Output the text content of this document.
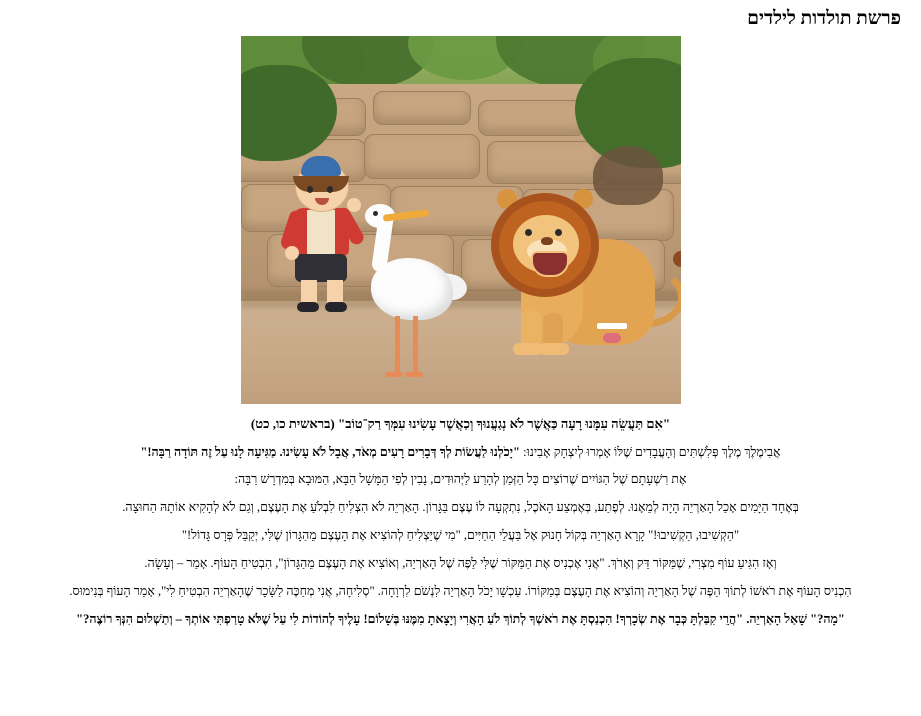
פרשת תולדות לילדים

"אִם תַּעֲשֵׂה עִמָּנוּ רָעָה כַּאֲשֶׁר לֹא נְגַעֲנוּךָ וְכַאֲשֶׁר עָשִׂינוּ עִמְּךָ רַק־טוֹב" (בראשית כו, כט)

אֲבִימֶלֶךְ מֶלֶךְ פְּלִשְׁתִּים וְהָעֲבָדִים שֶׁלּוֹ אָמְרוּ לְיִצְחָק אָבִינוּ: "יָכֹלְנוּ לַעֲשׂוֹת לְךָ דְּבָרִים רָעִים מְאֹד, אֲבָל לֹא עָשִׂינוּ. מַגִּיעָה לָנוּ עַל זֶה תּוֹדָה רַבָּה!"

אֶת רִשְׁעָתָם שֶׁל הַגּוֹיִים שֶׁרוֹצִים כָּל הַזְּמַן לְהָרַע לַיְּהוּדִים, נָבִין לְפִי הַמָּשָׁל הַבָּא, הַמּוּבָא בְּמִדְרָשׁ רַבָּה:

בְּאֶחָד הַיָּמִים אָכַל הָאַרְיֵה הָיָה לְמֵאָנוּ. לְפֶתַע, בְּאֶמְצַע הָאֹכֶל, נִתְקְעָה לוֹ עֶצֶם בַּגָּרוֹן. הָאַרְיֵה לֹא הִצְלִיחַ לִבְלֹעַ אֶת הָעֶצֶם, וְגַם לֹא לְהָקִיא אוֹתָהּ הַחוּצָה.

"הַקְשִׁיבוּ, הַקְשִׁיבוּ!" קָרָא הָאַרְיֵה בְּקוֹל חָנוּק אֶל בַּעֲלֵי הַחַיִּים, "מִי שֶׁיַּצְלִיחַ לְהוֹצִיא אֶת הָעֶצֶם מֵהַגָּרוֹן שֶׁלִּי, יְקַבֵּל פְּרָס גָּדוֹל!"

וְאָז הִגִּיעַ עוֹף מִצְרִי, שֶׁמַּקּוֹר דַּק וְאָרֹךְ. "אֲנִי אֶכְנִיס אֶת הַמַּקּוֹר שֶׁלִּי לַפֶּה שֶׁל הָאַרְיֵה, וְאוֹצִיא אֶת הָעֶצֶם מֵהַגָּרוֹן", הִבְטִיחַ הָעוֹף. אָמַר – וְעָשָׂה.

הִכְנִיס הָעוֹף אֶת רֹאשׁוֹ לְתוֹךְ הַפֶּה שֶׁל הָאַרְיֵה וְהוֹצִיא אֶת הָעֶצֶם בְּמַקּוֹרוֹ. עַכְשָׁו יָכֹל הָאַרְיֵה לִנְשֹׁם לִרְוָחָה. "סְלִיחָה, אֲנִי מְחַכֶּה לַשָּׂכָר שֶׁהָאַרְיֵה הִבְטִיחַ לִי", אָמַר הָעוֹף בְּנִימוּס.

"מָה?" שָׁאַל הָאַרְיֵה. "הֲרֵי קִבַּלְתָּ כְּבָר אֶת שְׂכָרְךָ! הִכְנַסְתָּ אֶת רֹאשְׁךָ לְתוֹךְ לֹעַ הָאֲרִי וְיָצָאתָ מִמֶּנּוּ בְּשָׁלוֹם! עָלֶיךָ לְהוֹדוֹת לִי עַל שֶׁלֹּא טָרַפְתִּי אוֹתְךָ – וְתַשְׁלוּם הִנְּךָ רוֹצֶה?"
